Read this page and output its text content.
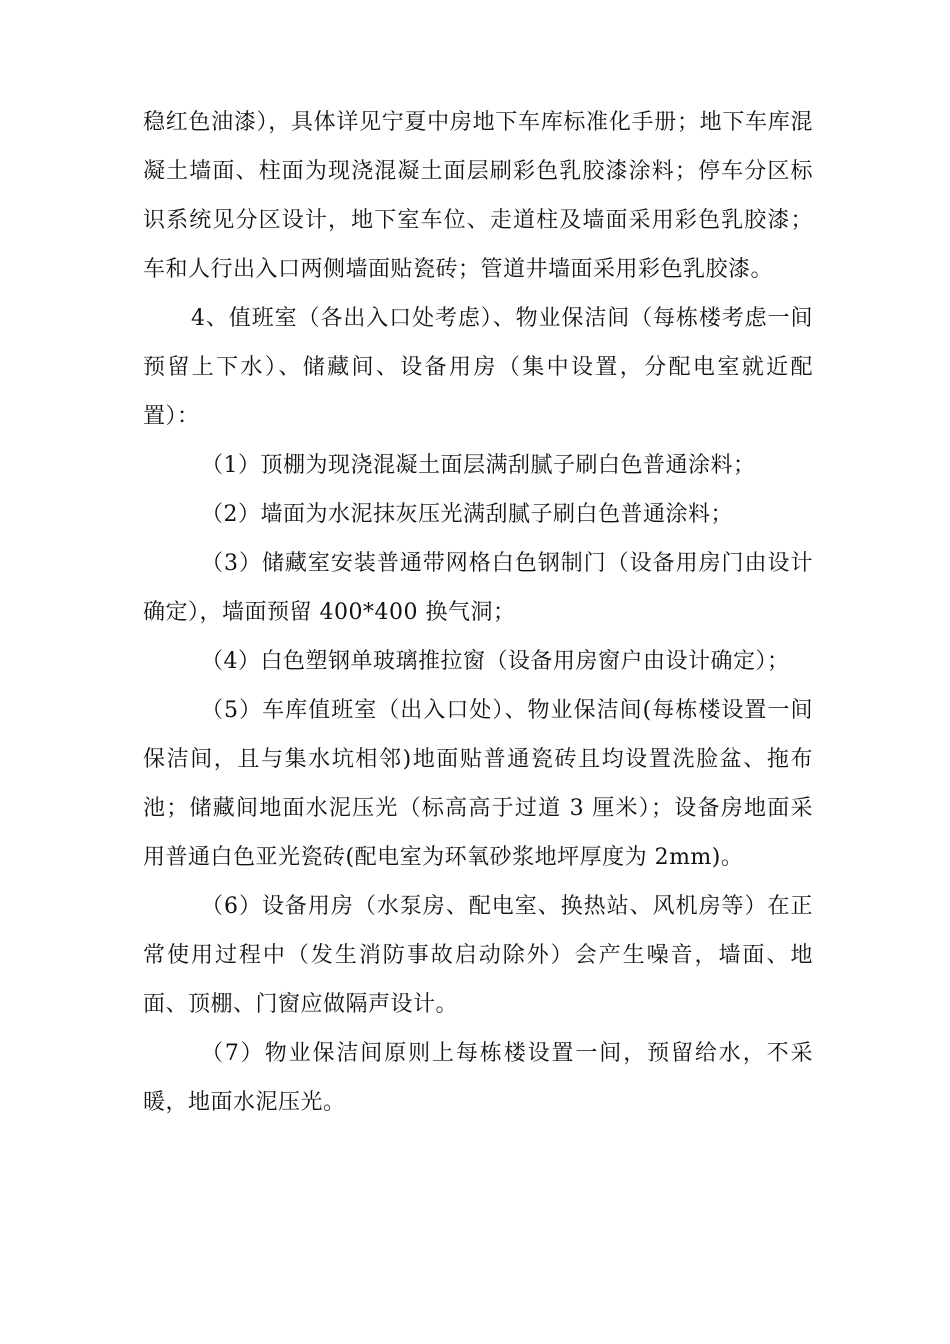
稳红色油漆），具体详见宁夏中房地下车库标准化手册；地下车库混凝土墙面、柱面为现浇混凝土面层刷彩色乳胶漆涂料；停车分区标识系统见分区设计，地下室车位、走道柱及墙面采用彩色乳胶漆；车和人行出入口两侧墙面贴瓷砖；管道井墙面采用彩色乳胶漆。

4、值班室（各出入口处考虑）、物业保洁间（每栋楼考虑一间预留上下水）、储藏间、设备用房（集中设置，分配电室就近配置）：

（1）顶棚为现浇混凝土面层满刮腻子刷白色普通涂料；

（2）墙面为水泥抹灰压光满刮腻子刷白色普通涂料；

（3）储藏室安装普通带网格白色钢制门（设备用房门由设计确定），墙面预留 400*400 换气洞；

（4）白色塑钢单玻璃推拉窗（设备用房窗户由设计确定）；

（5）车库值班室（出入口处）、物业保洁间(每栋楼设置一间保洁间，且与集水坑相邻)地面贴普通瓷砖且均设置洗脸盆、拖布池；储藏间地面水泥压光（标高高于过道 3 厘米）；设备房地面采用普通白色亚光瓷砖(配电室为环氧砂浆地坪厚度为 2mm)。

（6）设备用房（水泵房、配电室、换热站、风机房等）在正常使用过程中（发生消防事故启动除外）会产生噪音，墙面、地面、顶棚、门窗应做隔声设计。

（7）物业保洁间原则上每栋楼设置一间，预留给水，不采暖，地面水泥压光。
